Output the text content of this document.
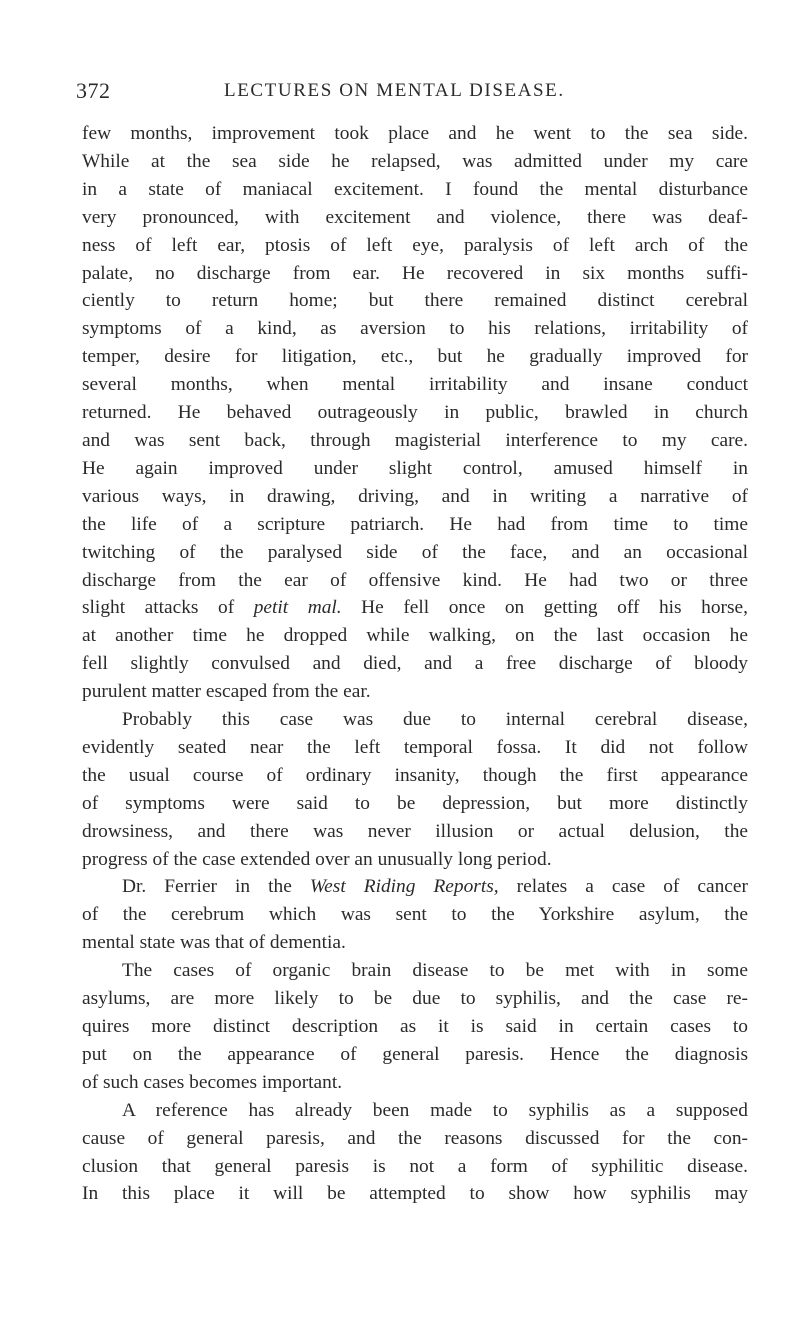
372	LECTURES ON MENTAL DISEASE.

few months, improvement took place and he went to the sea side.
While at the sea side he relapsed, was admitted under my care
in a state of maniacal excitement. I found the mental disturbance
very pronounced, with excitement and violence, there was deaf-
ness of left ear, ptosis of left eye, paralysis of left arch of the
palate, no discharge from ear. He recovered in six months suffi-
ciently to return home; but there remained distinct cerebral
symptoms of a kind, as aversion to his relations, irritability of
temper, desire for litigation, etc., but he gradually improved for
several months, when mental irritability and insane conduct
returned. He behaved outrageously in public, brawled in church
and was sent back, through magisterial interference to my care.
He again improved under slight control, amused himself in
various ways, in drawing, driving, and in writing a narrative of
the life of a scripture patriarch. He had from time to time
twitching of the paralysed side of the face, and an occasional
discharge from the ear of offensive kind. He had two or three
slight attacks of petit mal. He fell once on getting off his horse,
at another time he dropped while walking, on the last occasion he
fell slightly convulsed and died, and a free discharge of bloody
purulent matter escaped from the ear.

Probably this case was due to internal cerebral disease,
evidently seated near the left temporal fossa. It did not follow
the usual course of ordinary insanity, though the first appearance
of symptoms were said to be depression, but more distinctly
drowsiness, and there was never illusion or actual delusion, the
progress of the case extended over an unusually long period.

Dr. Ferrier in the West Riding Reports, relates a case of cancer
of the cerebrum which was sent to the Yorkshire asylum, the
mental state was that of dementia.

The cases of organic brain disease to be met with in some
asylums, are more likely to be due to syphilis, and the case re-
quires more distinct description as it is said in certain cases to
put on the appearance of general paresis. Hence the diagnosis
of such cases becomes important.

A reference has already been made to syphilis as a supposed
cause of general paresis, and the reasons discussed for the con-
clusion that general paresis is not a form of syphilitic disease.
In this place it will be attempted to show how syphilis may
